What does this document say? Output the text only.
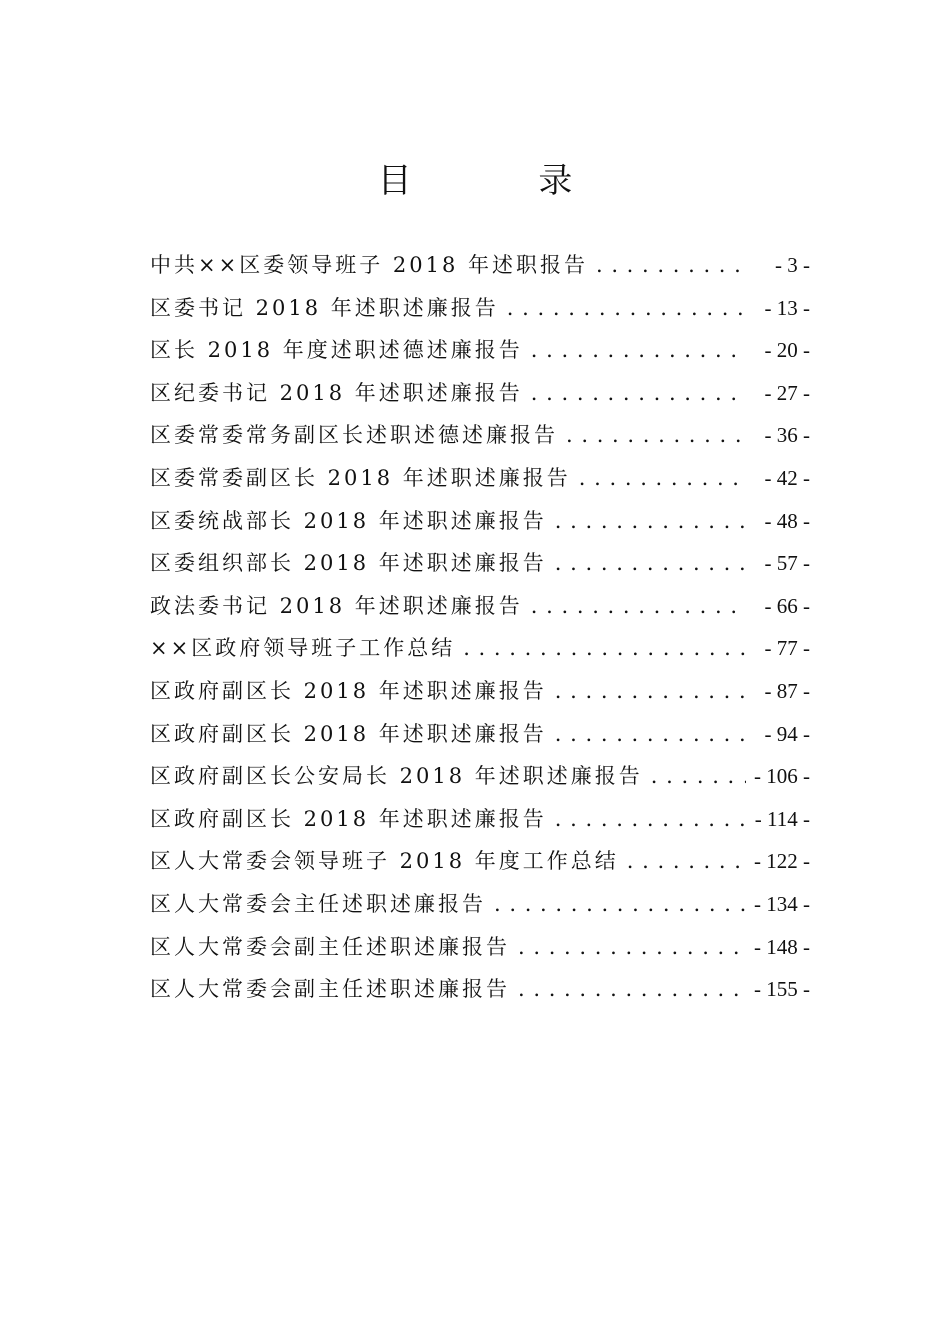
目 录
中共××区委领导班子 2018 年述职报告 . . .	- 3 -
区委书记 2018 年述职述廉报告 . . .	- 13 -
区长 2018 年度述职述德述廉报告 . . .	- 20 -
区纪委书记 2018 年述职述廉报告 . . .	- 27 -
区委常委常务副区长述职述德述廉报告 . . .	- 36 -
区委常委副区长 2018 年述职述廉报告 . . .	- 42 -
区委统战部长 2018 年述职述廉报告 . . .	- 48 -
区委组织部长 2018 年述职述廉报告 . . .	- 57 -
政法委书记 2018 年述职述廉报告 . . .	- 66 -
××区政府领导班子工作总结 . . .	- 77 -
区政府副区长 2018 年述职述廉报告 . . .	- 87 -
区政府副区长 2018 年述职述廉报告 . . .	- 94 -
区政府副区长公安局长 2018 年述职述廉报告 . . .	- 106 -
区政府副区长 2018 年述职述廉报告 . . .	- 114 -
区人大常委会领导班子 2018 年度工作总结 . . .	- 122 -
区人大常委会主任述职述廉报告 . . .	- 134 -
区人大常委会副主任述职述廉报告 . . .	- 148 -
区人大常委会副主任述职述廉报告 . . .	- 155 -
